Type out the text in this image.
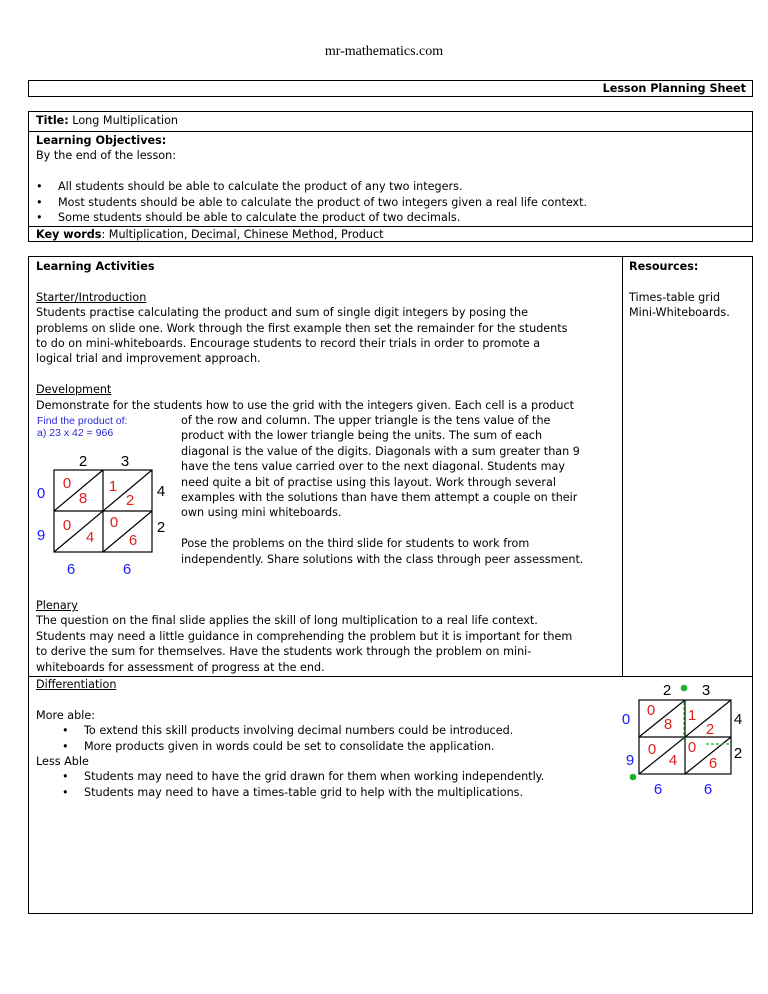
mr-mathematics.com
Lesson Planning Sheet
Title: Long Multiplication
Learning Objectives:
By the end of the lesson:
• All students should be able to calculate the product of any two integers.
• Most students should be able to calculate the product of two integers given a real life context.
• Some students should be able to calculate the product of two decimals.
Key words: Multiplication, Decimal, Chinese Method, Product
Learning Activities
Starter/Introduction
Students practise calculating the product and sum of single digit integers by posing the
problems on slide one. Work through the first example then set the remainder for the students
to do on mini-whiteboards. Encourage students to record their trials in order to promote a
logical trial and improvement approach.
Development
Demonstrate for the students how to use the grid with the integers given. Each cell is a product
of the row and column. The upper triangle is the tens value of the
product with the lower triangle being the units. The sum of each
diagonal is the value of the digits. Diagonals with a sum greater than 9
have the tens value carried over to the next diagonal. Students may
need quite a bit of practise using this layout. Work through several
examples with the solutions than have them attempt a couple on their
own using mini whiteboards.
Pose the problems on the third slide for students to work from
independently. Share solutions with the class through peer assessment.
Plenary
The question on the final slide applies the skill of long multiplication to a real life context.
Students may need a little guidance in comprehending the problem but it is important for them
to derive the sum for themselves. Have the students work through the problem on mini-
whiteboards for assessment of progress at the end.
Resources:
Times-table grid
Mini-Whiteboards.
Differentiation
More able:
• To extend this skill products involving decimal numbers could be introduced.
• More products given in words could be set to consolidate the application.
Less Able
• Students may need to have the grid drawn for them when working independently.
• Students may need to have a times-table grid to help with the multiplications.
Find the product of:
a) 23 x 42 = 966
2 3
0
9
4
2
6	6
0
8
1
2
0
4
0
6
2 3
0
9
4
2
6	6
0
8
1
2
0
4
0
6
